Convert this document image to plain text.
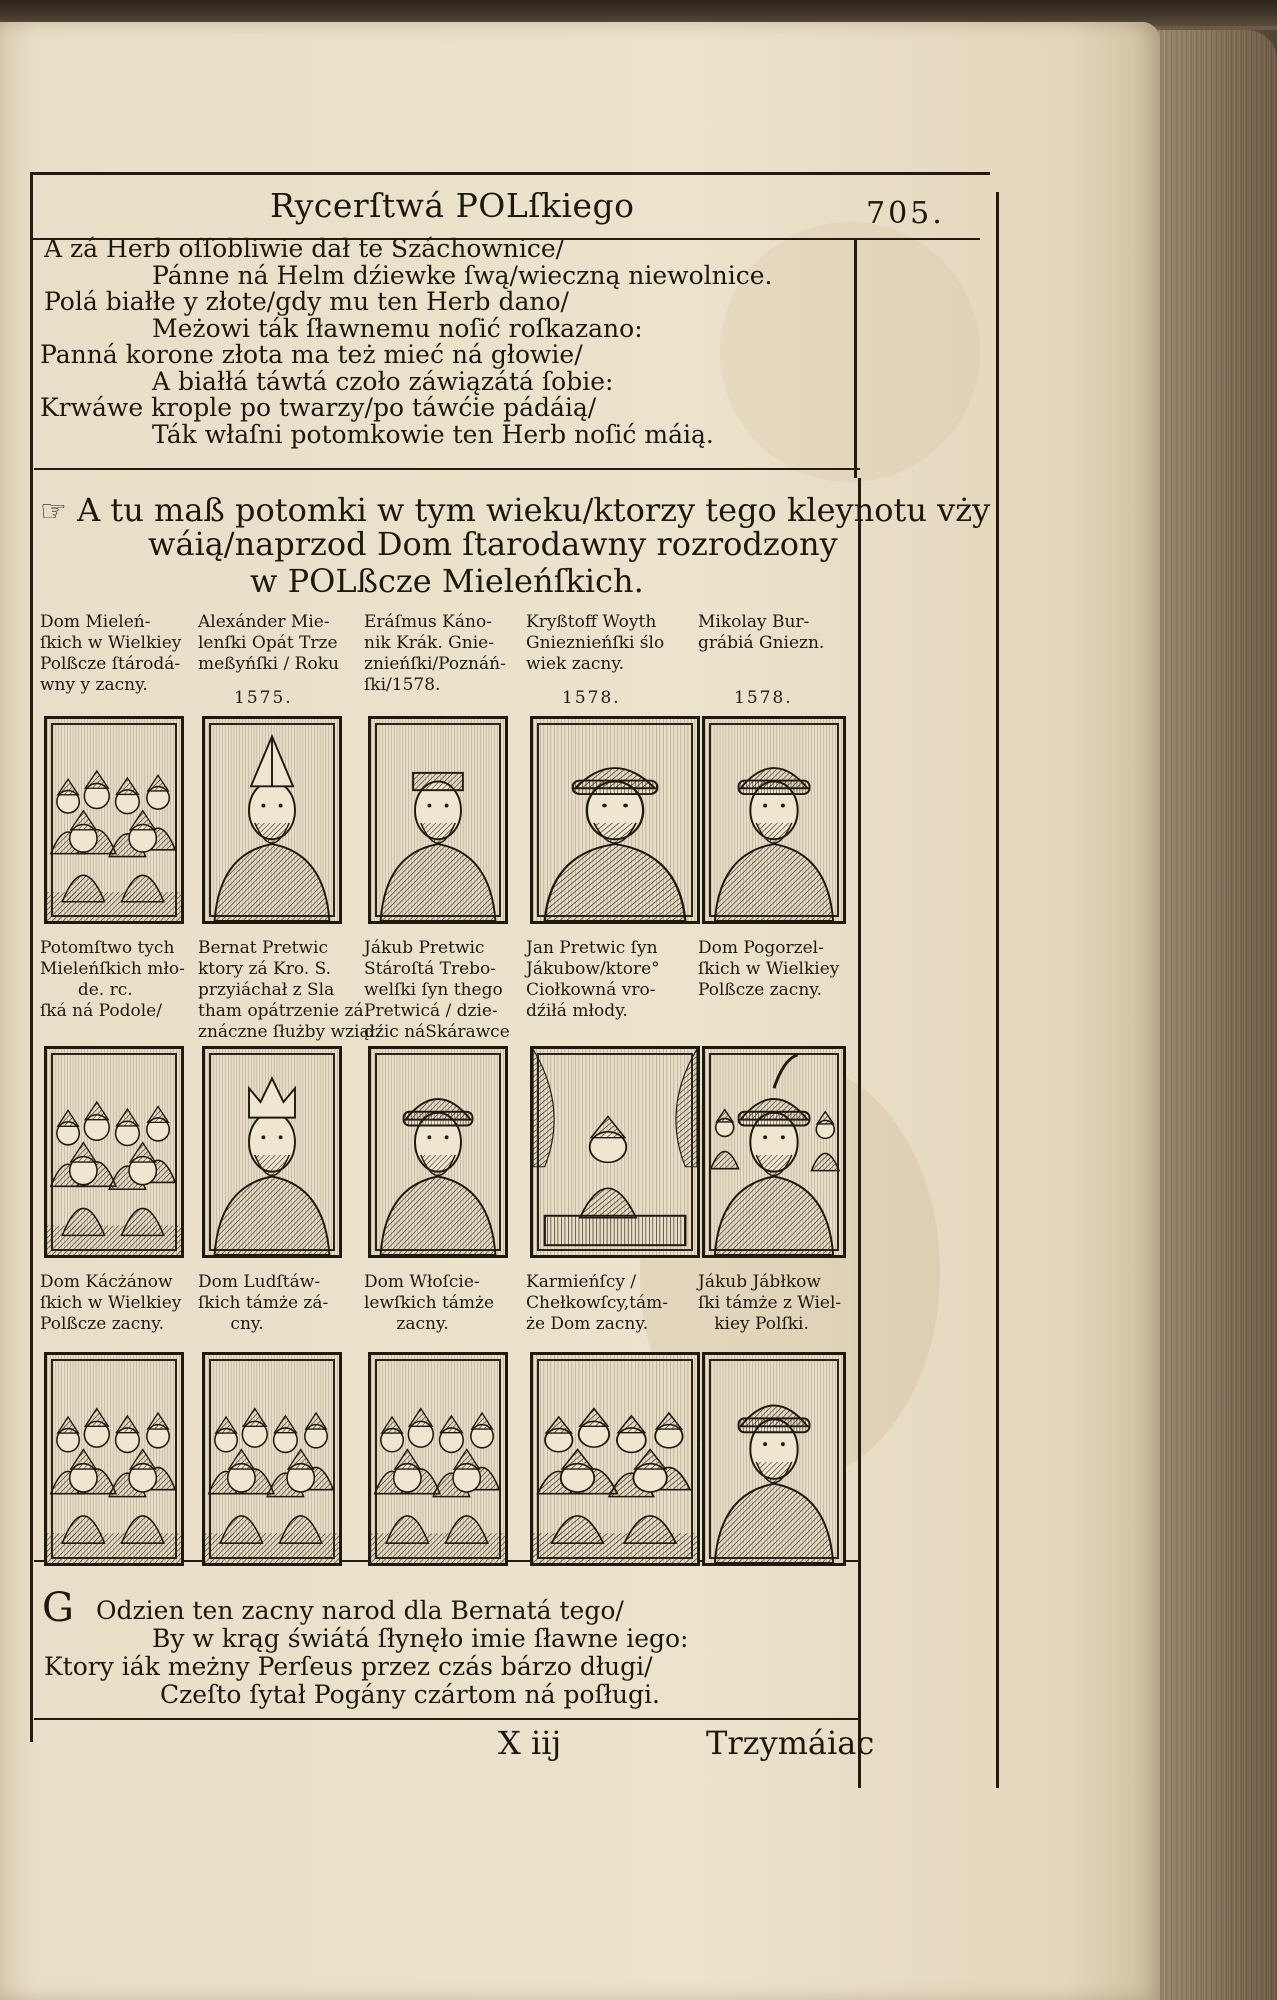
Rycerſtwá POLſkiego	705.
A zá Herb oſſobliwie dał te Száchownice/
Pánne ná Helm dźiewke ſwą/wieczną niewolnice.
Polá białłe y złote/gdy mu ten Herb dano/
Meżowi ták ſławnemu noſić roſkazano:
Panná korone złota ma też mieć ná głowie/
A białłá táwtá czoło záwiązátá ſobie:
Krwáwe krople po twarzy/po táwćie pádáią/
Ták właſni potomkowie ten Herb noſić máią.
☞ A tu maß potomki w tym wieku/ktorzy tego kleynotu vży
wáią/naprzod Dom ſtarodawny rozrodzony
w POLßcze Mieleńſkich.
Dom Mieleń-
ſkich w Wielkiey
Polßcze ſtárodá-
wny y zacny.
Alexánder Mie-
lenſki Opát Trze
meßyńſki / Roku
1575.
Eráſmus Káno-
nik Krák. Gnie-
znieńſki/Poznáń-
ſki/1578.
Kryßtoff Woyth
Gnieznieńſki ślo
wiek zacny.
1578.
Mikolay Bur-
grábiá Gniezn.
1578.
Potomſtwo tych
Mieleńſkich mło-
de. rc.
ſká ná Podole/
Bernat Pretwic
ktory zá Kro. S.
przyiáchał z Sla
tham opátrzenie zá
znáczne ſłużby wziął.
Jákub Pretwic
Stároſtá Trebo-
welſki ſyn thego
Pretwicá / dzie-
dźic náSkárawce
Jan Pretwic ſyn
Jákubow/ktore°
Ciołkowná vro-
dźiłá młody.
Dom Pogorzel-
ſkich w Wielkiey
Polßcze zacny.
Dom Kácżánow
ſkich w Wielkiey
Polßcze zacny.
Dom Ludſtáw-
ſkich támże zá-
cny.
Dom Włoſcie-
lewſkich támże
zacny.
Karmieńſcy /
Chełkowſcy,tám-
że Dom zacny.
Jákub Jábłkow
ſki támże z Wiel-
kiey Polſki.
G Odzien ten zacny narod dla Bernatá tego/
By w krąg świátá ſłynęło imie ſławne iego:
Ktory iák meżny Perſeus przez czás bárzo długi/
Czeſto ſytał Pogány czártom ná poſługi.
X iij	Trzymáiac
